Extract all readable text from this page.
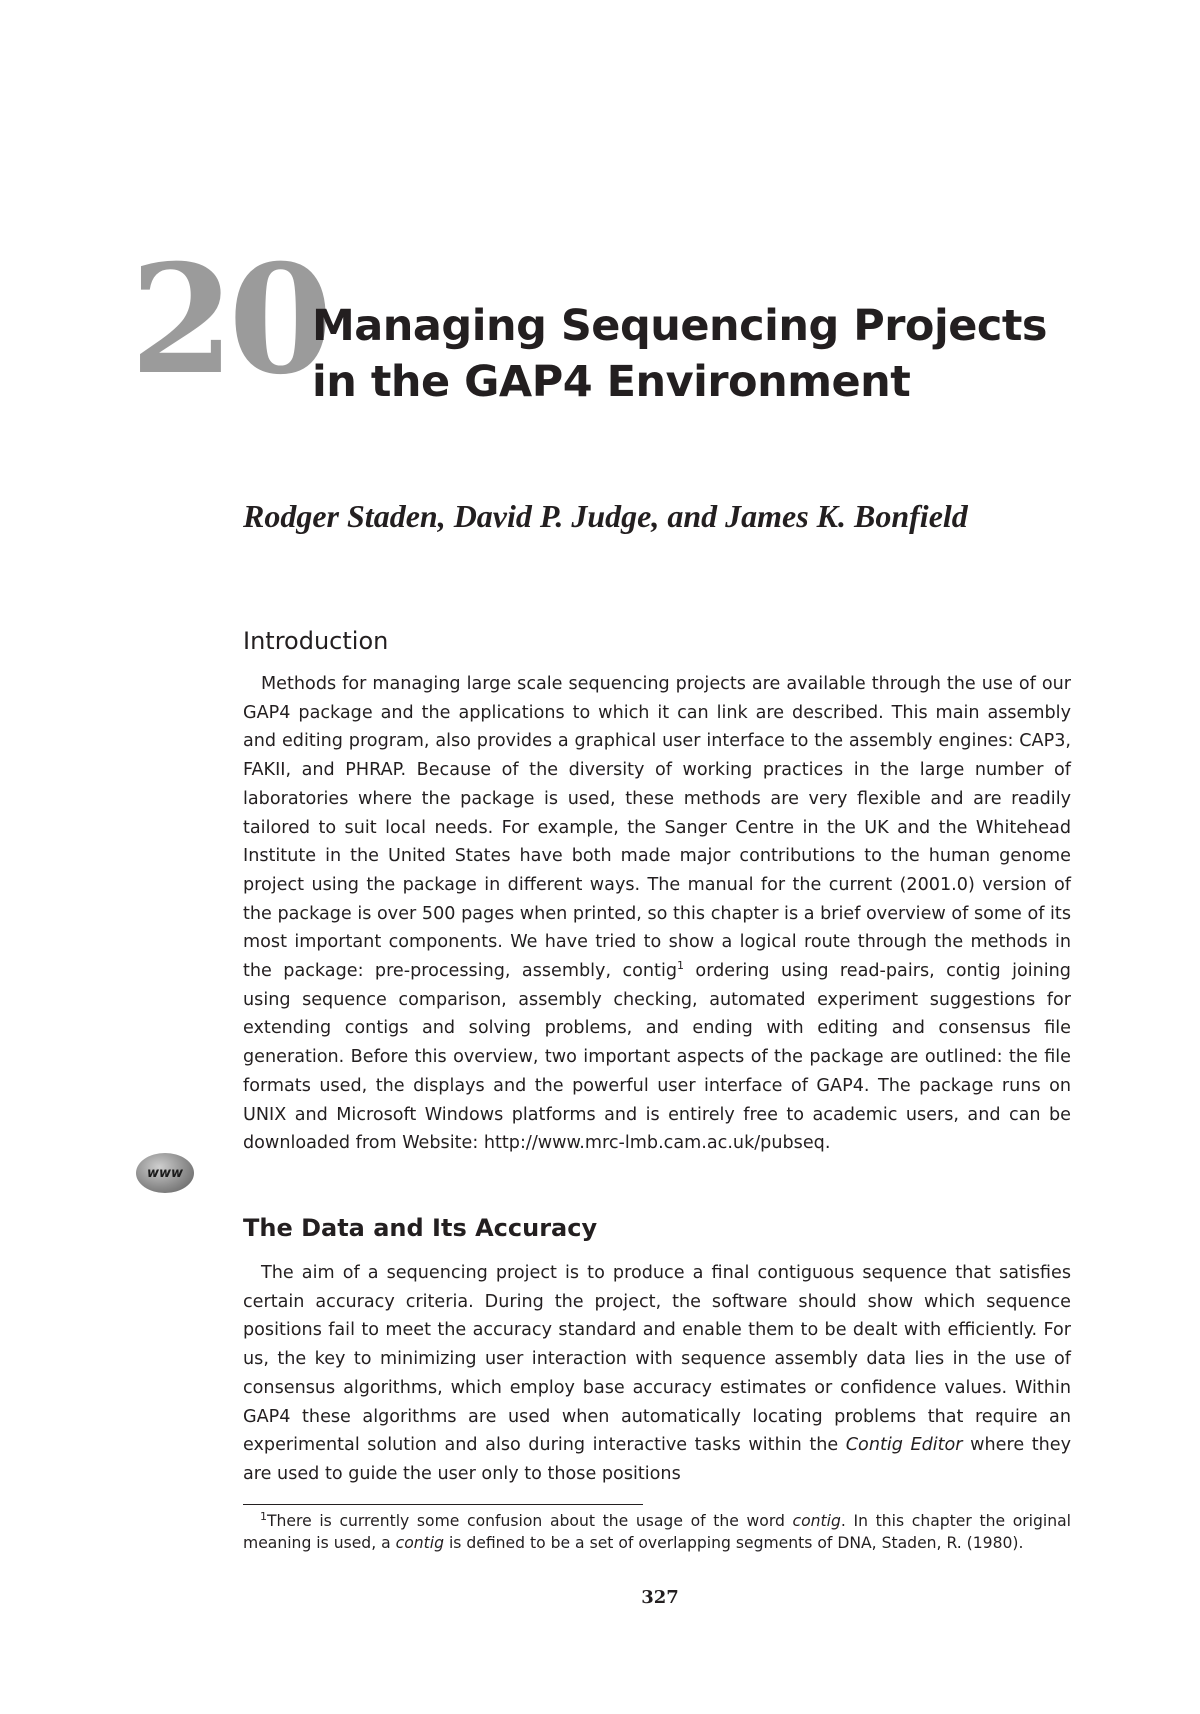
20
Managing Sequencing Projects
in the GAP4 Environment

Rodger Staden, David P. Judge, and James K. Bonfield

Introduction

Methods for managing large scale sequencing projects are available through the use of our GAP4 package and the applications to which it can link are described. This main assembly and editing program, also provides a graphical user interface to the assembly engines: CAP3, FAKII, and PHRAP. Because of the diversity of working practices in the large number of laboratories where the package is used, these methods are very flexible and are readily tailored to suit local needs. For example, the Sanger Centre in the UK and the Whitehead Institute in the United States have both made major contributions to the human genome project using the package in different ways. The manual for the current (2001.0) version of the package is over 500 pages when printed, so this chapter is a brief overview of some of its most important components. We have tried to show a logical route through the methods in the package: pre-processing, assembly, contig$^1$ ordering using read-pairs, contig joining using sequence comparison, assembly checking, automated experiment suggestions for extending contigs and solving problems, and ending with editing and consensus file generation. Before this overview, two important aspects of the package are outlined: the file formats used, the displays and the powerful user interface of GAP4. The package runs on UNIX and Microsoft Windows platforms and is entirely free to academic users, and can be downloaded from Website: http://www.mrc-lmb.cam.ac.uk/pubseq.

www
The Data and Its Accuracy

The aim of a sequencing project is to produce a final contiguous sequence that satisfies certain accuracy criteria. During the project, the software should show which sequence positions fail to meet the accuracy standard and enable them to be dealt with efficiently. For us, the key to minimizing user interaction with sequence assembly data lies in the use of consensus algorithms, which employ base accuracy estimates or confidence values. Within GAP4 these algorithms are used when automatically locating problems that require an experimental solution and also during interactive tasks within the Contig Editor where they are used to guide the user only to those positions

$^1$There is currently some confusion about the usage of the word contig. In this chapter the original meaning is used, a contig is defined to be a set of overlapping segments of DNA, Staden, R. (1980).

327
